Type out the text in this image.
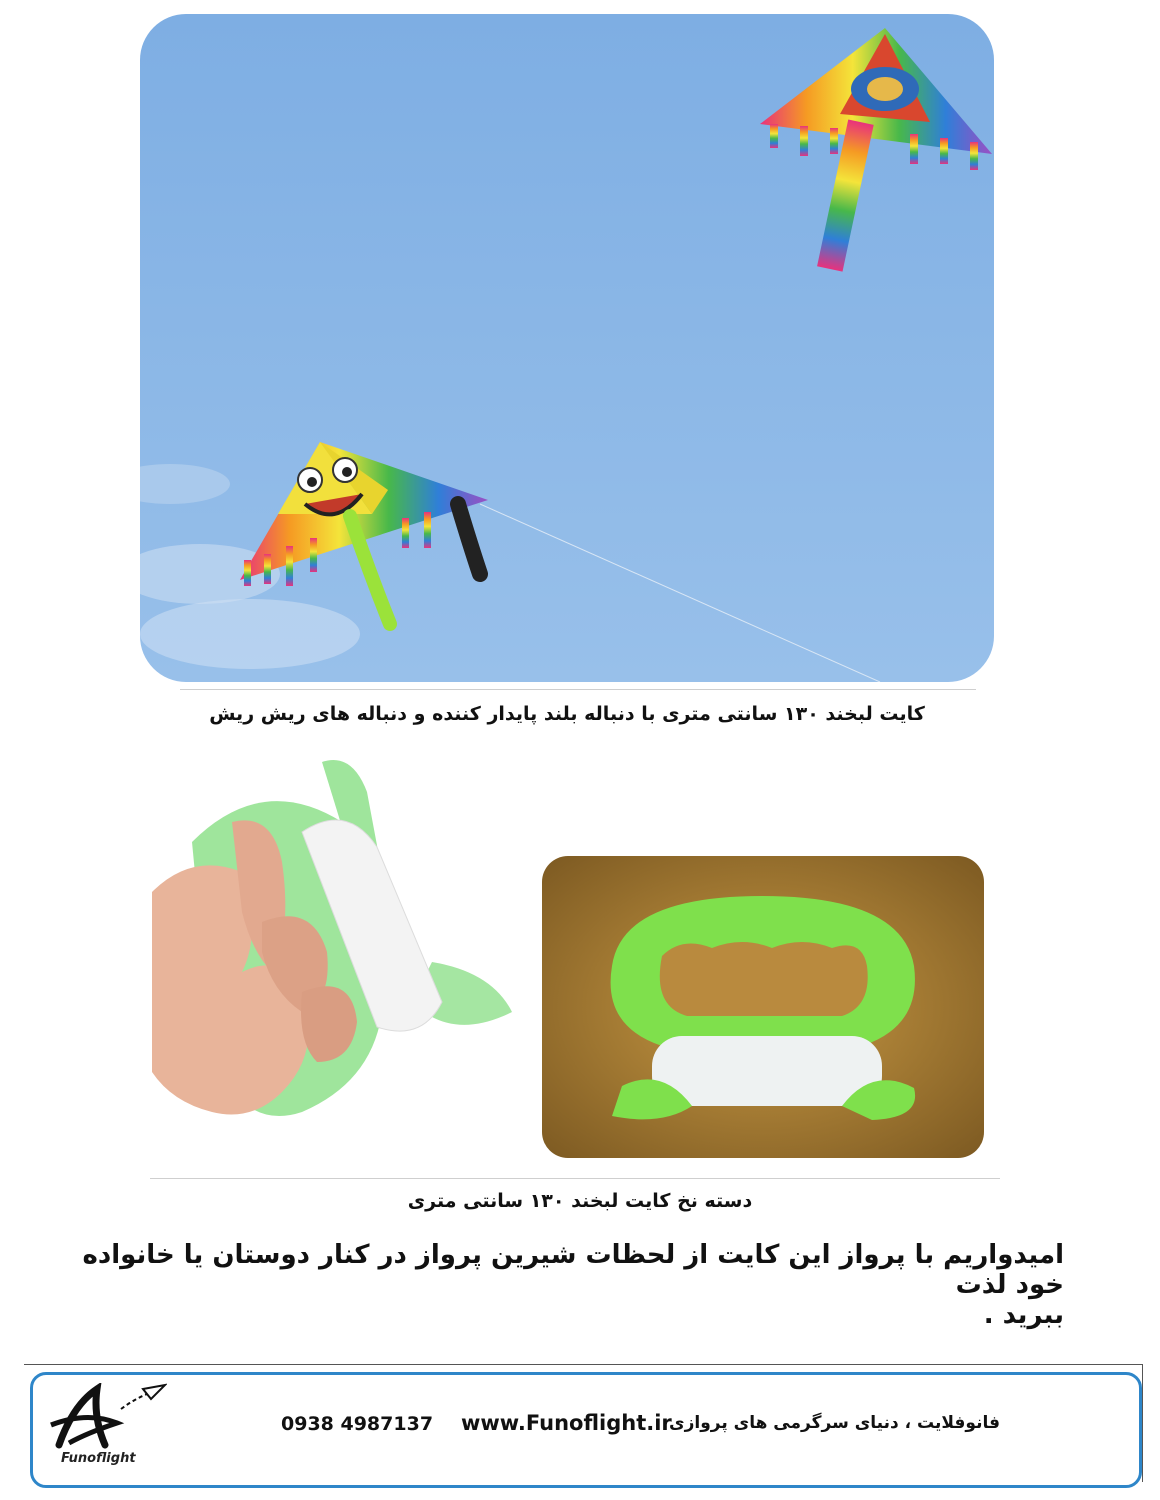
کایت لبخند ۱۳۰ سانتی متری با دنباله بلند پایدار کننده و دنباله های ریش ریش
دسته نخ کایت لبخند ۱۳۰ سانتی متری
امیدواریم با پرواز این کایت از لحظات شیرین پرواز در کنار دوستان یا خانواده خود لذت
ببرید .
Funoflight
0938 4987137 www.Funoflight.ir
فانوفلایت ، دنیای سرگرمی های پروازی
